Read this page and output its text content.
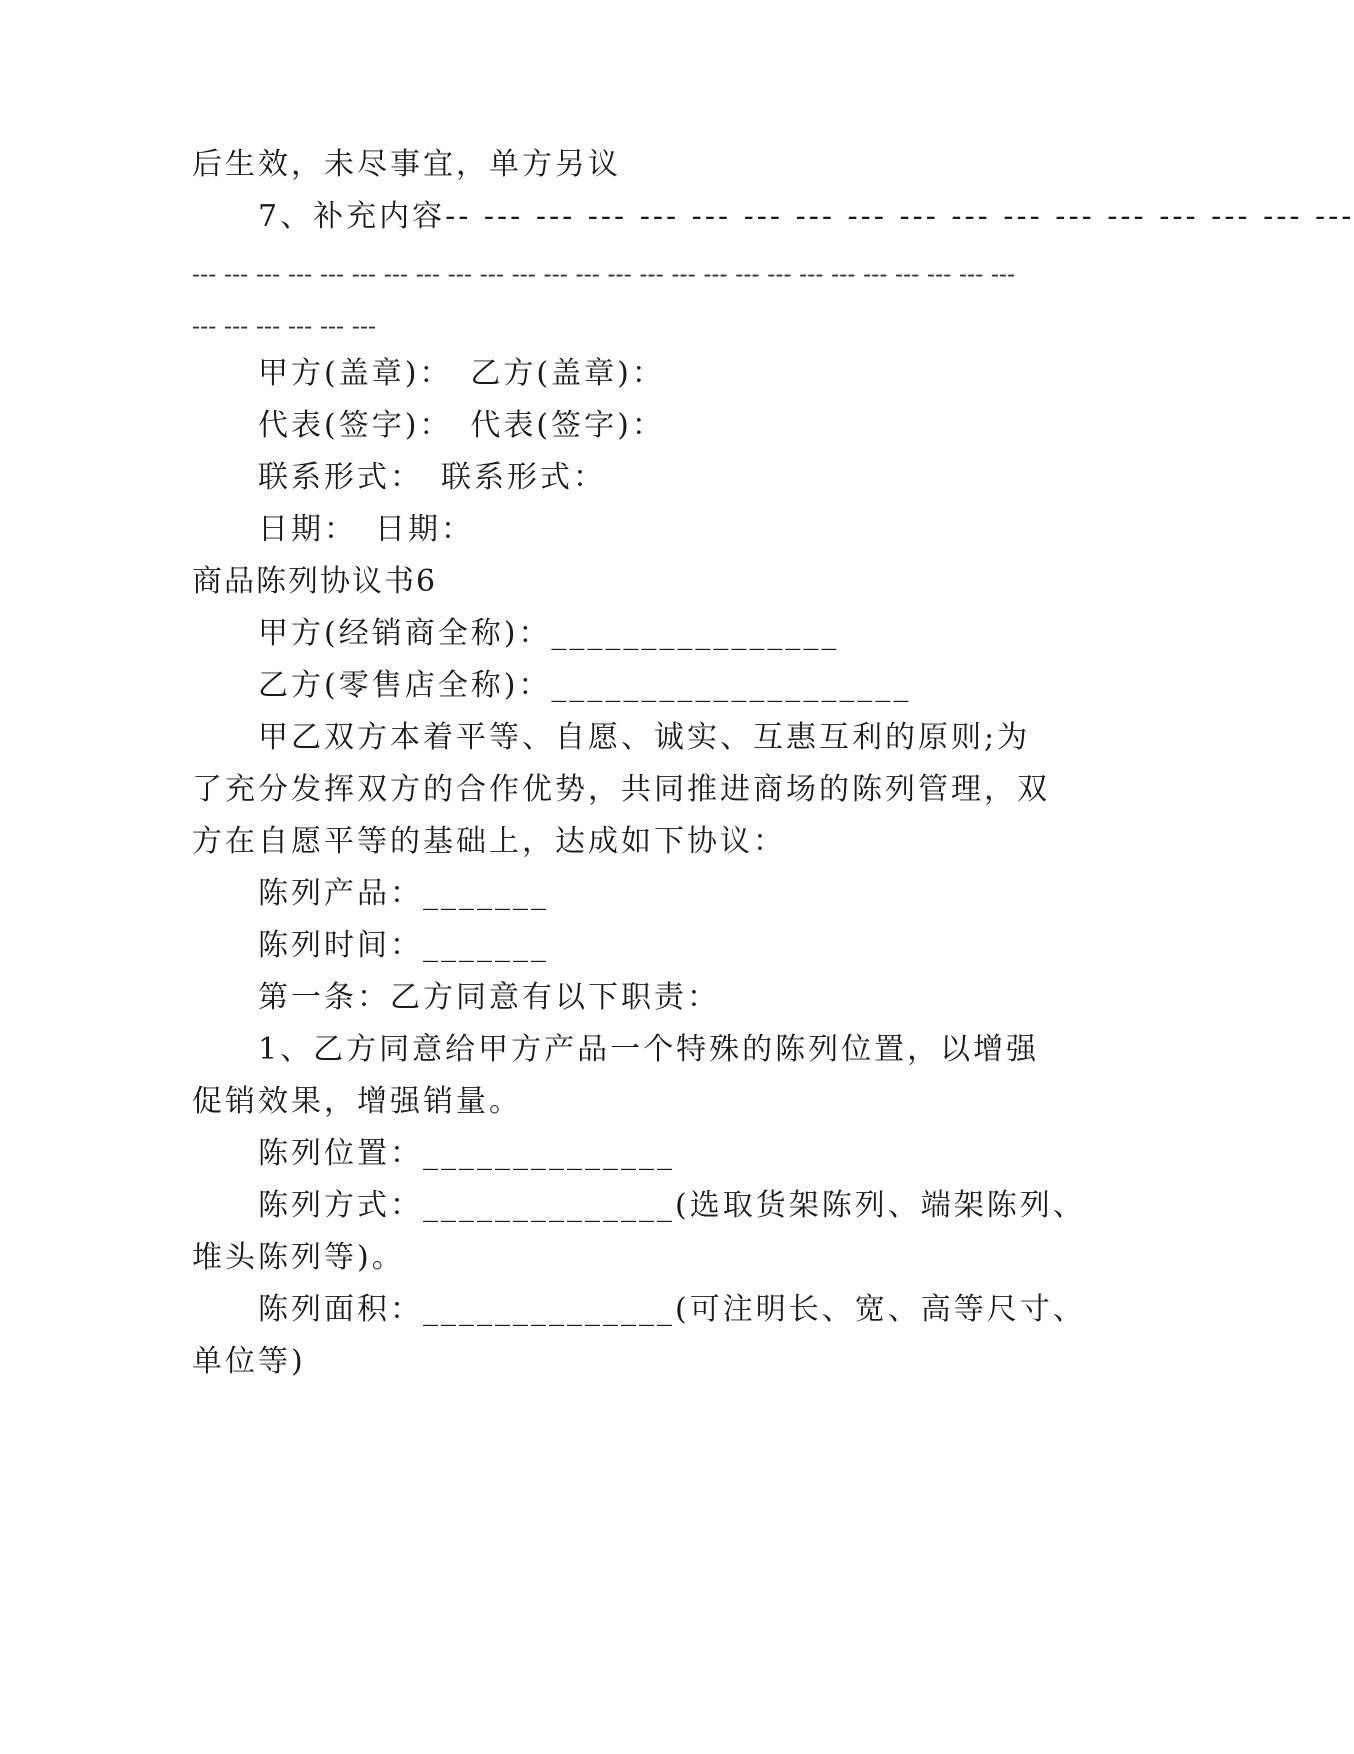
后生效，未尽事宜，单方另议
7、补充内容-- --- --- --- --- --- --- --- --- --- --- --- --- --- --- --- --- ---
--- --- --- --- --- --- --- --- --- --- --- --- --- --- --- --- --- --- --- --- --- --- --- --- --- ---
--- --- --- --- --- ---
甲方(盖章)：　乙方(盖章)：
代表(签字)：　代表(签字)：
联系形式：　联系形式：
日期：　日期：
商品陈列协议书6
甲方(经销商全称)：________________
乙方(零售店全称)：____________________
甲乙双方本着平等、自愿、诚实、互惠互利的原则;为
了充分发挥双方的合作优势，共同推进商场的陈列管理，双
方在自愿平等的基础上，达成如下协议：
陈列产品：_______
陈列时间：_______
第一条：乙方同意有以下职责：
1、乙方同意给甲方产品一个特殊的陈列位置，以增强
促销效果，增强销量。
陈列位置：______________
陈列方式：______________(选取货架陈列、端架陈列、
堆头陈列等)。
陈列面积：______________(可注明长、宽、高等尺寸、
单位等)
